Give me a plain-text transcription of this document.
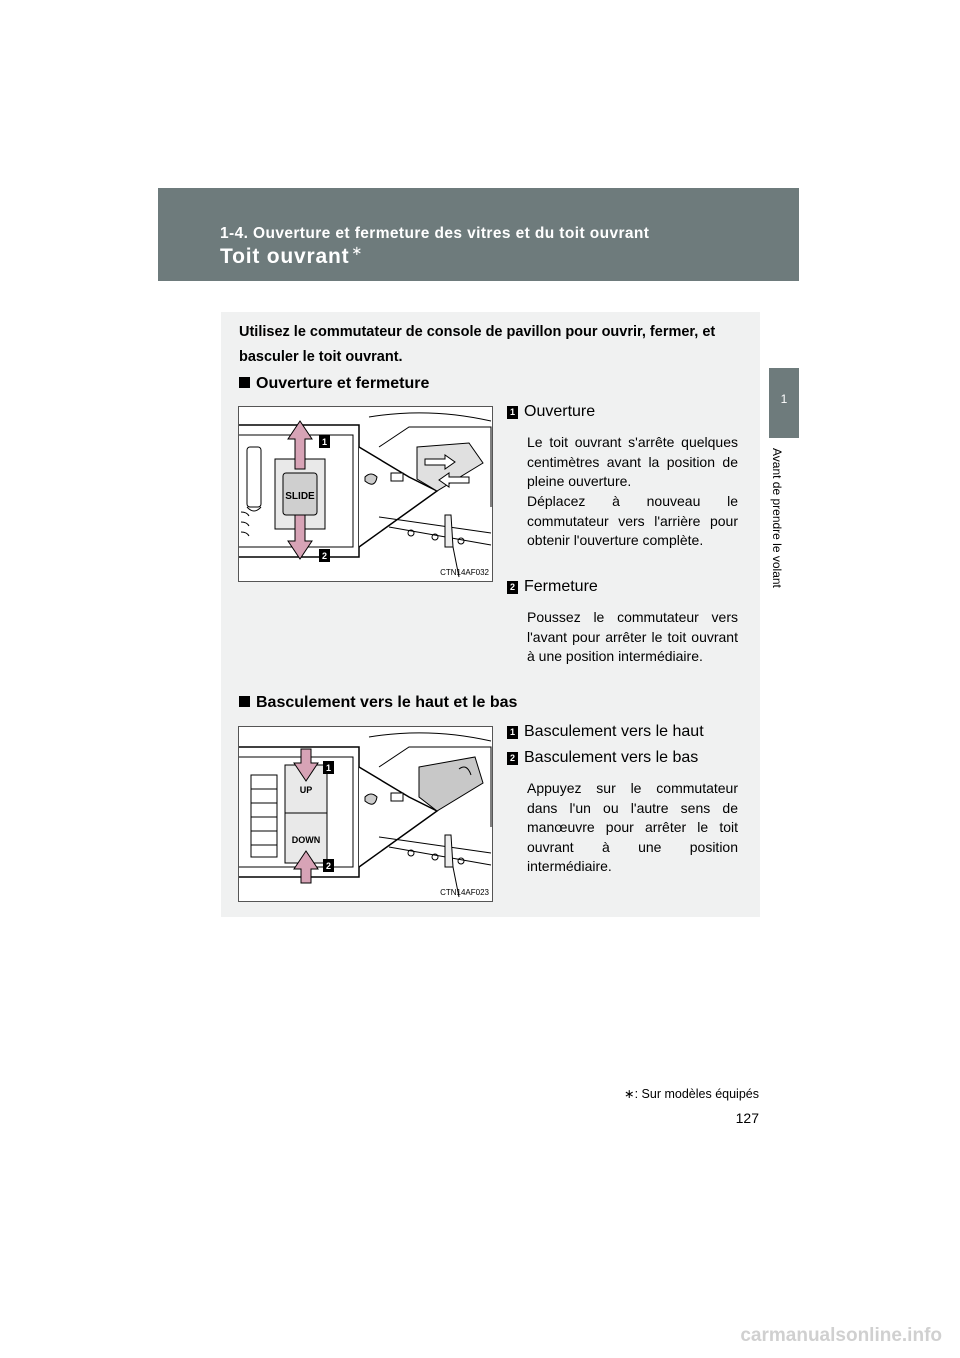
1-4. Ouverture et fermeture des vitres et du toit ouvrant
Toit ouvrant ∗
1
Avant de prendre le volant
Utilisez le commutateur de console de pavillon pour ouvrir, fermer, et basculer le toit ouvrant.
Ouverture et fermeture
SLIDE
1
2
CTN14AF032
1 Ouverture
Le toit ouvrant s'arrête quelques centimètres avant la position de pleine ouverture.
Déplacez à nouveau le commutateur vers l'arrière pour obtenir l'ouverture complète.
2 Fermeture
Poussez le commutateur vers l'avant pour arrêter le toit ouvrant à une position intermédiaire.
Basculement vers le haut et le bas
UP
DOWN
1
2
CTN14AF023
1 Basculement vers le haut
2 Basculement vers le bas
Appuyez sur le commutateur dans l'un ou l'autre sens de manœuvre pour arrêter le toit ouvrant à une position intermédiaire.
∗: Sur modèles équipés
127
carmanualsonline.info
